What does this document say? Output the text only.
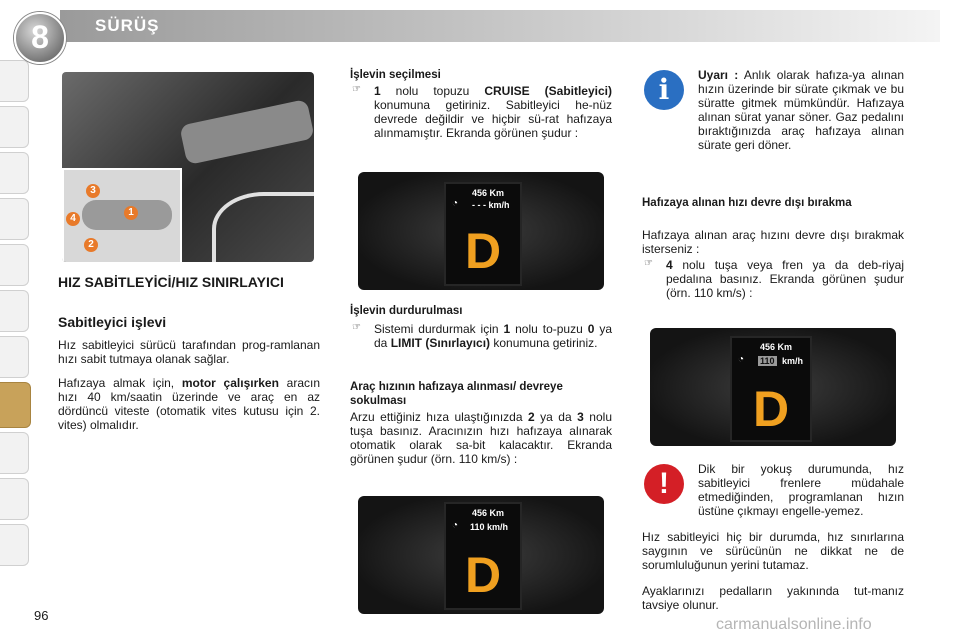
8	SÜRÜŞ
3
4
1
2
HIZ SABİTLEYİCİ/HIZ SINIRLAYICI
Sabitleyici işlevi
Hız sabitleyici sürücü tarafından prog-ramlanan hızı sabit tutmaya olanak sağlar.
Hafızaya almak için, motor çalışırken aracın hızı 40 km/saatin üzerinde ve araç en az dördüncü viteste (otomatik vites kutusu için 2. vites) olmalıdır.
İşlevin seçilmesi
☞ 1 nolu topuzu CRUISE (Sabitleyici) konumuna getiriniz. Sabitleyici he-nüz devrede değildir ve hiçbir sü-rat hafızaya alınmamıştır. Ekranda görünen şudur :
456 Km
- - - km/h
◔
D
İşlevin durdurulması
☞ Sistemi durdurmak için 1 nolu to-puzu 0 ya da LIMIT (Sınırlayıcı) konumuna getiriniz.
Araç hızının hafızaya alınması/ devreye sokulması
Arzu ettiğiniz hıza ulaştığınızda 2 ya da 3 nolu tuşa basınız. Aracınızın hızı hafızaya alınarak otomatik olarak sa-bit kalacaktır. Ekranda görünen şudur (örn. 110 km/s) :
456 Km
110 km/h
◔
D
i	Uyarı : Anlık olarak hafıza-ya alınan hızın üzerinde bir sürate çıkmak ve bu süratte gitmek mümkündür. Hafızaya alınan sürat yanar söner. Gaz pedalını bıraktığınızda araç hafızaya alınan sürate geri döner.
Hafızaya alınan hızı devre dışı bırakma
Hafızaya alınan araç hızını devre dışı bırakmak isterseniz :
☞ 4 nolu tuşa veya fren ya da deb-riyaj pedalına basınız. Ekranda görünen şudur (örn. 110 km/s) :
456 Km
110 km/h
◔
D
!	Dik bir yokuş durumunda, hız sabitleyici frenlere müdahale etmediğinden, programlanan hızın üstüne çıkmayı engelle-yemez.
Hız sabitleyici hiç bir durumda, hız sınırlarına saygının ve sürücünün ne dikkat ne de sorumluluğunun yerini tutamaz.
Ayaklarınızı pedalların yakınında tut-manız tavsiye olunur.
96
carmanualsonline.info
